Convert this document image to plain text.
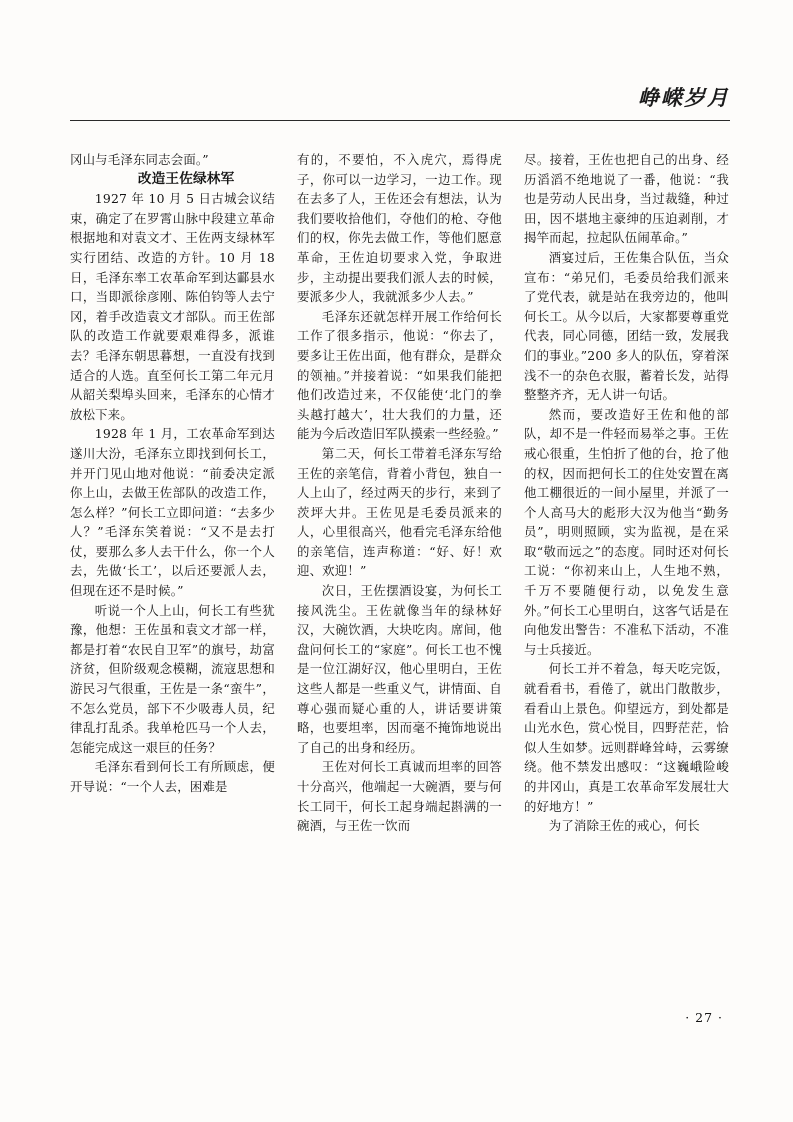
峥嵘岁月

冈山与毛泽东同志会面。”

改造王佐绿林军

1927 年 10 月 5 日古城会议结束，确定了在罗霄山脉中段建立革命根据地和对袁文才、王佐两支绿林军实行团结、改造的方针。10 月 18 日，毛泽东率工农革命军到达酃县水口，当即派徐彦刚、陈伯钧等人去宁冈，着手改造袁文才部队。而王佐部队的改造工作就要艰难得多，派谁去？毛泽东朝思暮想，一直没有找到适合的人选。直至何长工第二年元月从韶关梨埠头回来，毛泽东的心情才放松下来。

1928 年 1 月，工农革命军到达遂川大汾，毛泽东立即找到何长工，并开门见山地对他说：“前委决定派你上山，去做王佐部队的改造工作，怎么样？”何长工立即问道：“去多少人？”毛泽东笑着说：“又不是去打仗，要那么多人去干什么，你一个人去，先做‘长工’，以后还要派人去，但现在还不是时候。”

听说一个人上山，何长工有些犹豫，他想：王佐虽和袁文才部一样，都是打着“农民自卫军”的旗号，劫富济贫，但阶级观念模糊，流寇思想和游民习气很重，王佐是一条“蛮牛”，不怎么党员，部下不少吸毒人员，纪律乱打乱杀。我单枪匹马一个人去，怎能完成这一艰巨的任务？

毛泽东看到何长工有所顾虑，便开导说：“一个人去，困难是

有的，不要怕，不入虎穴，焉得虎子，你可以一边学习，一边工作。现在去多了人，王佐还会有想法，认为我们要收拾他们，夺他们的枪、夺他们的权，你先去做工作，等他们愿意革命，王佐迫切要求入党，争取进步，主动提出要我们派人去的时候，要派多少人，我就派多少人去。”

毛泽东还就怎样开展工作给何长工作了很多指示，他说：“你去了，要多让王佐出面，他有群众，是群众的领袖。”并接着说：“如果我们能把他们改造过来，不仅能使‘北门的拳头越打越大’，壮大我们的力量，还能为今后改造旧军队摸索一些经验。”

第二天，何长工带着毛泽东写给王佐的亲笔信，背着小背包，独自一人上山了，经过两天的步行，来到了茨坪大井。王佐见是毛委员派来的人，心里很高兴，他看完毛泽东给他的亲笔信，连声称道：“好、好！欢迎、欢迎！”

次日，王佐摆酒设宴，为何长工接风洗尘。王佐就像当年的绿林好汉，大碗饮酒，大块吃肉。席间，他盘问何长工的“家庭”。何长工也不愧是一位江湖好汉，他心里明白，王佐这些人都是一些重义气，讲情面、自尊心强而疑心重的人，讲话要讲策略，也要坦率，因而毫不掩饰地说出了自己的出身和经历。

王佐对何长工真诚而坦率的回答十分高兴，他端起一大碗酒，要与何长工同干，何长工起身端起斟满的一碗酒，与王佐一饮而

尽。接着，王佐也把自己的出身、经历滔滔不绝地说了一番，他说：“我也是劳动人民出身，当过裁缝，种过田，因不堪地主豪绅的压迫剥削，才揭竿而起，拉起队伍闹革命。”

酒宴过后，王佐集合队伍，当众宣布：“弟兄们，毛委员给我们派来了党代表，就是站在我旁边的，他叫何长工。从今以后，大家都要尊重党代表，同心同德，团结一致，发展我们的事业。”200 多人的队伍，穿着深浅不一的杂色衣服，蓄着长发，站得整整齐齐，无人讲一句话。

然而，要改造好王佐和他的部队，却不是一件轻而易举之事。王佐戒心很重，生怕折了他的台，抢了他的权，因而把何长工的住处安置在离他工棚很近的一间小屋里，并派了一个人高马大的彪形大汉为他当“勤务员”，明则照顾，实为监视，是在采取“敬而远之”的态度。同时还对何长工说：“你初来山上，人生地不熟，千万不要随便行动，以免发生意外。”何长工心里明白，这客气话是在向他发出警告：不准私下活动，不准与士兵接近。

何长工并不着急，每天吃完饭，就看看书，看倦了，就出门散散步，看看山上景色。仰望远方，到处都是山光水色，赏心悦目，四野茫茫，恰似人生如梦。远则群峰耸峙，云雾缭绕。他不禁发出感叹：“这巍峨险峻的井冈山，真是工农革命军发展壮大的好地方！”

为了消除王佐的戒心，何长

· 27 ·
